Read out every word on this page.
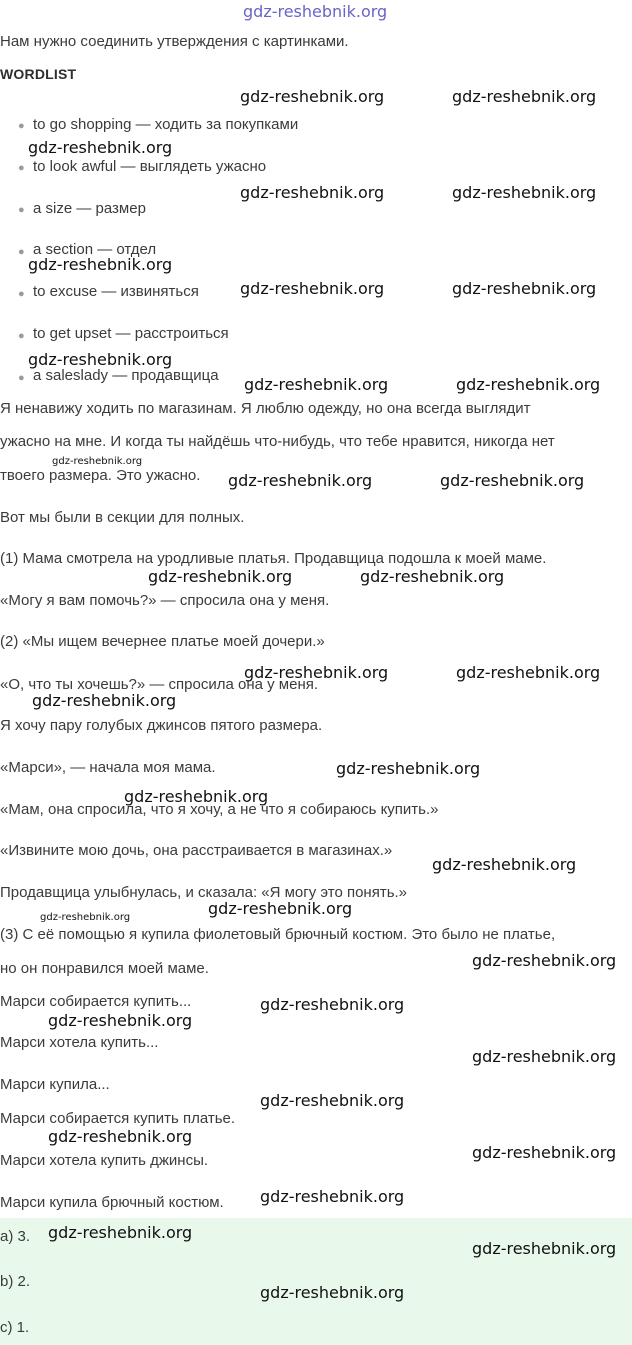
Нам нужно соединить утверждения с картинками.
WORDLIST
● to go shopping — ходить за покупками
● to look awful — выглядеть ужасно
● a size — размер
● a section — отдел
● to excuse — извиняться
● to get upset — расстроиться
● a saleslady — продавщица
Я ненавижу ходить по магазинам. Я люблю одежду, но она всегда выглядит
ужасно на мне. И когда ты найдёшь что-нибудь, что тебе нравится, никогда нет
твоего размера. Это ужасно.
Вот мы были в секции для полных.
(1) Мама смотрела на уродливые платья. Продавщица подошла к моей маме.
«Могу я вам помочь?» — спросила она у меня.
(2) «Мы ищем вечернее платье моей дочери.»
«О, что ты хочешь?» — спросила она у меня.
Я хочу пару голубых джинсов пятого размера.
«Марси», — начала моя мама.
«Мам, она спросила, что я хочу, а не что я собираюсь купить.»
«Извините мою дочь, она расстраивается в магазинах.»
Продавщица улыбнулась, и сказала: «Я могу это понять.»
(3) С её помощью я купила фиолетовый брючный костюм. Это было не платье,
но он понравился моей маме.
Марси собирается купить...
Марси хотела купить...
Марси купила...
Марси собирается купить платье.
Марси хотела купить джинсы.
Марси купила брючный костюм.
a) 3.
b) 2.
c) 1.
gdz-reshebnik.org
gdz-reshebnik.org	gdz-reshebnik.org
gdz-reshebnik.org
gdz-reshebnik.org	gdz-reshebnik.org
gdz-reshebnik.org
gdz-reshebnik.org	gdz-reshebnik.org
gdz-reshebnik.org
gdz-reshebnik.org	gdz-reshebnik.org
gdz-reshebnik.org
gdz-reshebnik.org	gdz-reshebnik.org
gdz-reshebnik.org	gdz-reshebnik.org
gdz-reshebnik.org	gdz-reshebnik.org
gdz-reshebnik.org
gdz-reshebnik.org
gdz-reshebnik.org
gdz-reshebnik.org
gdz-reshebnik.org
gdz-reshebnik.org
gdz-reshebnik.org
gdz-reshebnik.org
gdz-reshebnik.org
gdz-reshebnik.org
gdz-reshebnik.org
gdz-reshebnik.org
gdz-reshebnik.org
gdz-reshebnik.org
gdz-reshebnik.org
gdz-reshebnik.org
gdz-reshebnik.org
